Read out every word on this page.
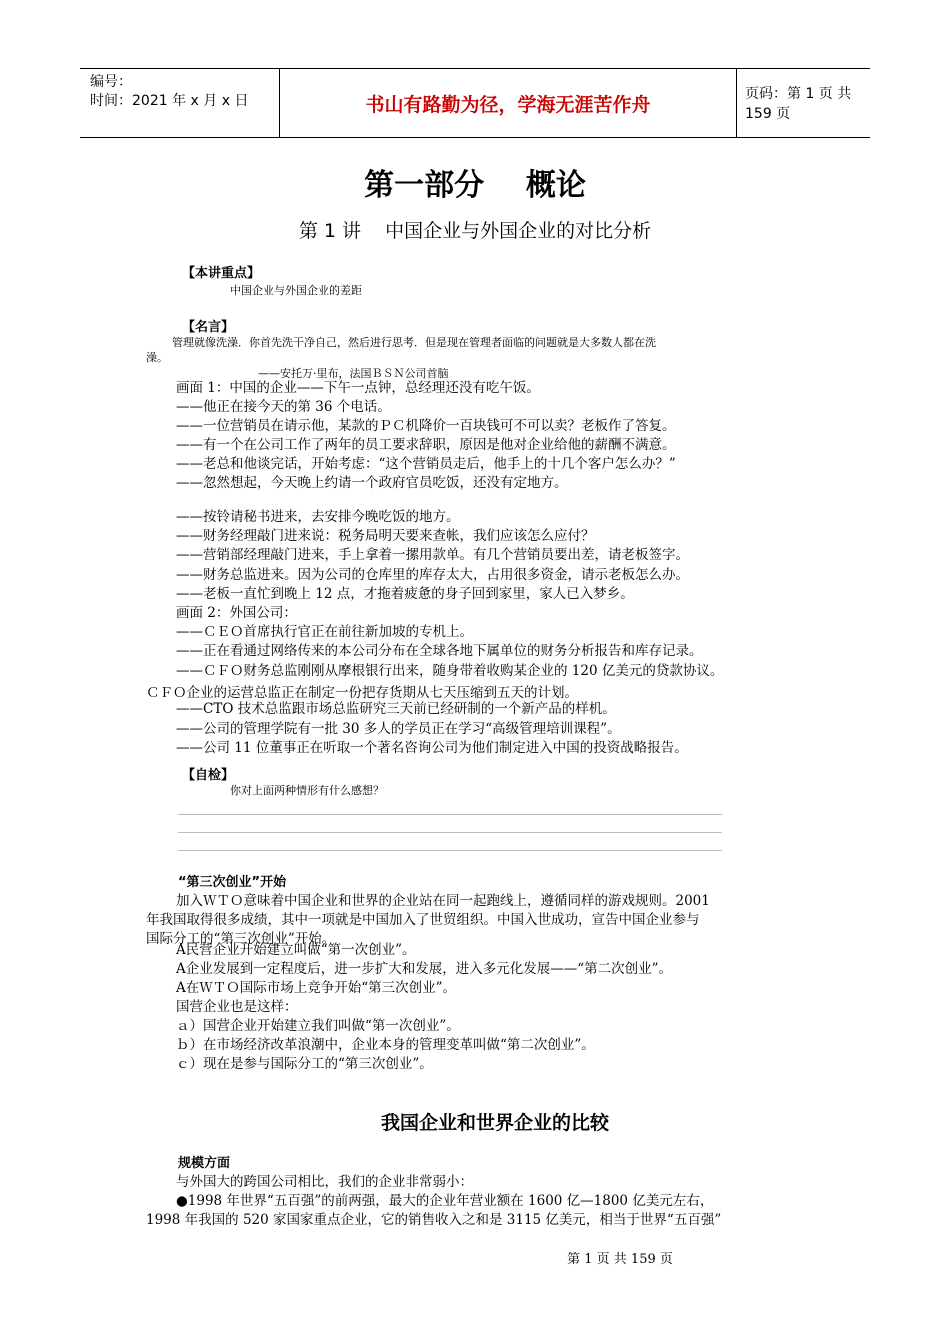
编号：
时间：2021 年 x 月 x 日	书山有路勤为径，学海无涯苦作舟	页码：第 1 页 共 159 页
第一部分    概论
第 1 讲    中国企业与外国企业的对比分析
【本讲重点】
中国企业与外国企业的差距
【名言】
管理就像洗澡．你首先洗干净自己，然后进行思考．但是现在管理者面临的问题就是大多数人都在洗
澡。
——安托万·里布，法国ＢＳＮ公司首脑
画面 1：中国的企业——下午一点钟，总经理还没有吃午饭。
——他正在接今天的第 36 个电话。
——一位营销员在请示他，某款的ＰＣ机降价一百块钱可不可以卖？老板作了答复。
——有一个在公司工作了两年的员工要求辞职，原因是他对企业给他的薪酬不满意。
——老总和他谈完话，开始考虑：“这个营销员走后，他手上的十几个客户怎么办？”
——忽然想起，今天晚上约请一个政府官员吃饭，还没有定地方。
——按铃请秘书进来，去安排今晚吃饭的地方。
——财务经理敲门进来说：税务局明天要来查帐，我们应该怎么应付？
——营销部经理敲门进来，手上拿着一摞用款单。有几个营销员要出差，请老板签字。
——财务总监进来。因为公司的仓库里的库存太大，占用很多资金，请示老板怎么办。
——老板一直忙到晚上 12 点，才拖着疲惫的身子回到家里，家人已入梦乡。
画面 2：外国公司：
——ＣＥＯ首席执行官正在前往新加坡的专机上。
——正在看通过网络传来的本公司分布在全球各地下属单位的财务分析报告和库存记录。
——ＣＦＯ财务总监刚刚从摩根银行出来，随身带着收购某企业的 120 亿美元的贷款协议。
ＣＦＯ企业的运营总监正在制定一份把存货期从七天压缩到五天的计划。
——CTO 技术总监跟市场总监研究三天前已经研制的一个新产品的样机。
——公司的管理学院有一批 30 多人的学员正在学习“高级管理培训课程”。
——公司 11 位董事正在听取一个著名咨询公司为他们制定进入中国的投资战略报告。
【自检】
你对上面两种情形有什么感想？
“第三次创业”开始
加入ＷＴＯ意味着中国企业和世界的企业站在同一起跑线上，遵循同样的游戏规则。2001
年我国取得很多成绩，其中一项就是中国加入了世贸组织。中国入世成功，宣告中国企业参与
国际分工的“第三次创业”开始。
A民营企业开始建立叫做“第一次创业”。
A企业发展到一定程度后，进一步扩大和发展，进入多元化发展——“第二次创业”。
A在ＷＴＯ国际市场上竞争开始“第三次创业”。
国营企业也是这样：
ａ）国营企业开始建立我们叫做“第一次创业”。
ｂ）在市场经济改革浪潮中，企业本身的管理变革叫做“第二次创业”。
ｃ）现在是参与国际分工的“第三次创业”。
我国企业和世界企业的比较
规模方面
与外国大的跨国公司相比，我们的企业非常弱小：
●1998 年世界“五百强”的前两强，最大的企业年营业额在 1600 亿—1800 亿美元左右，
1998 年我国的 520 家国家重点企业，它的销售收入之和是 3115 亿美元，相当于世界“五百强”
第 1 页 共 159 页
